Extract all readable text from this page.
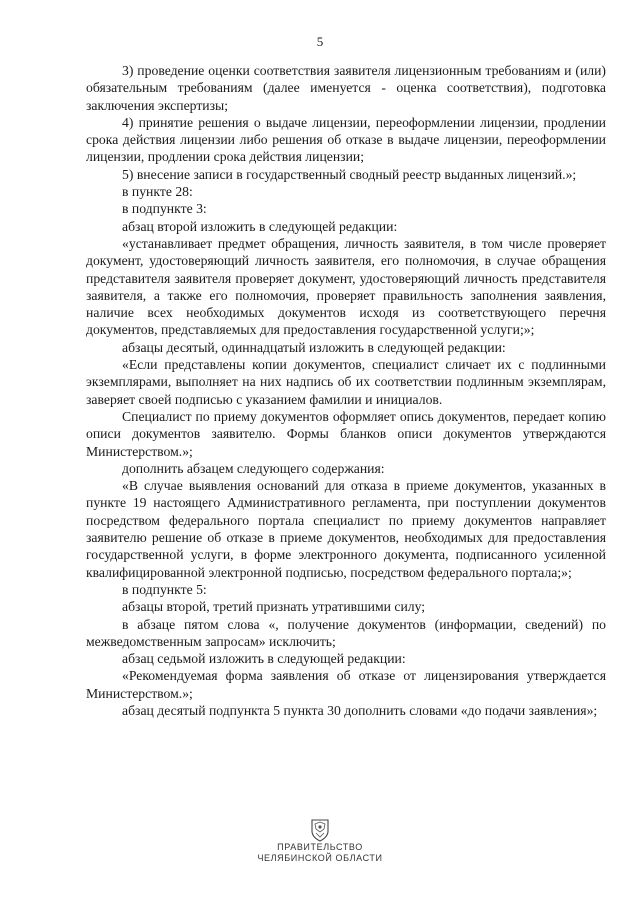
5

3) проведение оценки соответствия заявителя лицензионным требованиям и (или) обязательным требованиям (далее именуется - оценка соответствия), подготовка заключения экспертизы;

4) принятие решения о выдаче лицензии, переоформлении лицензии, продлении срока действия лицензии либо решения об отказе в выдаче лицензии, переоформлении лицензии, продлении срока действия лицензии;

5) внесение записи в государственный сводный реестр выданных лицензий.»;

в пункте 28:

в подпункте 3:

абзац второй изложить в следующей редакции:

«устанавливает предмет обращения, личность заявителя, в том числе проверяет документ, удостоверяющий личность заявителя, его полномочия, в случае обращения представителя заявителя проверяет документ, удостоверяющий личность представителя заявителя, а также его полномочия, проверяет правильность заполнения заявления, наличие всех необходимых документов исходя из соответствующего перечня документов, представляемых для предоставления государственной услуги;»;

абзацы десятый, одиннадцатый изложить в следующей редакции:

«Если представлены копии документов, специалист сличает их с подлинными экземплярами, выполняет на них надпись об их соответствии подлинным экземплярам, заверяет своей подписью с указанием фамилии и инициалов.

Специалист по приему документов оформляет опись документов, передает копию описи документов заявителю. Формы бланков описи документов утверждаются Министерством.»;

дополнить абзацем следующего содержания:

«В случае выявления оснований для отказа в приеме документов, указанных в пункте 19 настоящего Административного регламента, при поступлении документов посредством федерального портала специалист по приему документов направляет заявителю решение об отказе в приеме документов, необходимых для предоставления государственной услуги, в форме электронного документа, подписанного усиленной квалифицированной электронной подписью, посредством федерального портала;»;

в подпункте 5:

абзацы второй, третий признать утратившими силу;

в абзаце пятом слова «, получение документов (информации, сведений) по межведомственным запросам» исключить;

абзац седьмой изложить в следующей редакции:

«Рекомендуемая форма заявления об отказе от лицензирования утверждается Министерством.»;

абзац десятый подпункта 5 пункта 30 дополнить словами «до подачи заявления»;

ПРАВИТЕЛЬСТВО
ЧЕЛЯБИНСКОЙ ОБЛАСТИ
